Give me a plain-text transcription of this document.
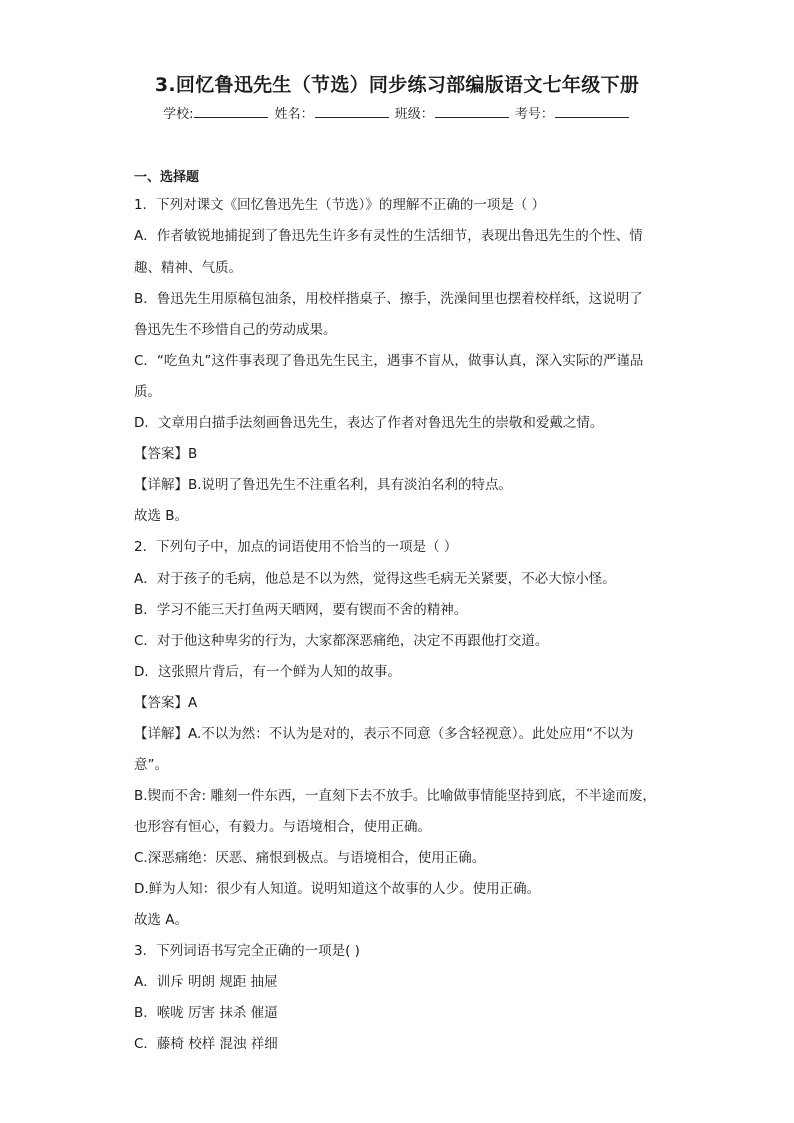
3.回忆鲁迅先生（节选）同步练习部编版语文七年级下册
学校:	姓名：	班级：	考号：
一、选择题
1．下列对课文《回忆鲁迅先生（节选）》的理解不正确的一项是（ ）
A．作者敏锐地捕捉到了鲁迅先生许多有灵性的生活细节，表现出鲁迅先生的个性、情
趣、精神、气质。
B．鲁迅先生用原稿包油条，用校样揩桌子、擦手，洗澡间里也摆着校样纸，这说明了
鲁迅先生不珍惜自己的劳动成果。
C．“吃鱼丸”这件事表现了鲁迅先生民主，遇事不盲从，做事认真，深入实际的严谨品
质。
D．文章用白描手法刻画鲁迅先生，表达了作者对鲁迅先生的崇敬和爱戴之情。
【答案】B
【详解】B.说明了鲁迅先生不注重名利，具有淡泊名利的特点。
故选 B。
2．下列句子中，加点的词语使用不恰当的一项是（ ）
A．对于孩子的毛病，他总是不以为然，觉得这些毛病无关紧要，不必大惊小怪。
B．学习不能三天打鱼两天晒网，要有锲而不舍的精神。
C．对于他这种卑劣的行为，大家都深恶痛绝，决定不再跟他打交道。
D．这张照片背后，有一个鲜为人知的故事。
【答案】A
【详解】A.不以为然：不认为是对的，表示不同意（多含轻视意）。此处应用“不以为
意”。
B.锲而不舍: 雕刻一件东西，一直刻下去不放手。比喻做事情能坚持到底，不半途而废，
也形容有恒心，有毅力。与语境相合，使用正确。
C.深恶痛绝：厌恶、痛恨到极点。与语境相合，使用正确。
D.鲜为人知：很少有人知道。说明知道这个故事的人少。使用正确。
故选 A。
3．下列词语书写完全正确的一项是( )
A．训斥 明朗 规距 抽屉
B．喉咙 厉害 抹杀 催逼
C．藤椅 校样 混浊 祥细
